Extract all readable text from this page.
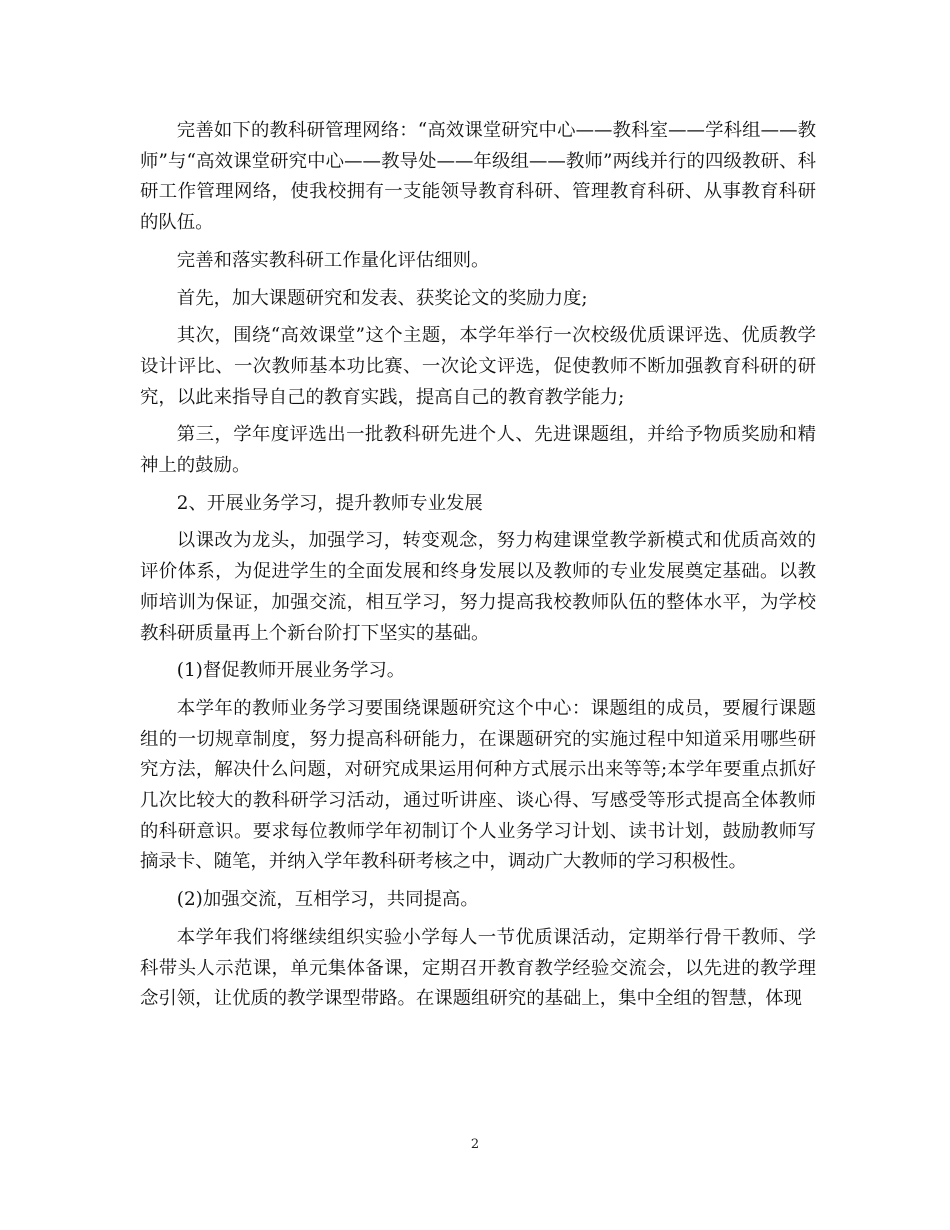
完善如下的教科研管理网络：“高效课堂研究中心——教科室——学科组——教师”与“高效课堂研究中心——教导处——年级组——教师”两线并行的四级教研、科研工作管理网络，使我校拥有一支能领导教育科研、管理教育科研、从事教育科研的队伍。

完善和落实教科研工作量化评估细则。

首先，加大课题研究和发表、获奖论文的奖励力度;

其次，围绕“高效课堂”这个主题，本学年举行一次校级优质课评选、优质教学设计评比、一次教师基本功比赛、一次论文评选，促使教师不断加强教育科研的研究，以此来指导自己的教育实践，提高自己的教育教学能力;

第三，学年度评选出一批教科研先进个人、先进课题组，并给予物质奖励和精神上的鼓励。

2、开展业务学习，提升教师专业发展

以课改为龙头，加强学习，转变观念，努力构建课堂教学新模式和优质高效的评价体系，为促进学生的全面发展和终身发展以及教师的专业发展奠定基础。以教师培训为保证，加强交流，相互学习，努力提高我校教师队伍的整体水平，为学校教科研质量再上个新台阶打下坚实的基础。

(1)督促教师开展业务学习。

本学年的教师业务学习要围绕课题研究这个中心：课题组的成员，要履行课题组的一切规章制度，努力提高科研能力，在课题研究的实施过程中知道采用哪些研究方法，解决什么问题，对研究成果运用何种方式展示出来等等;本学年要重点抓好几次比较大的教科研学习活动，通过听讲座、谈心得、写感受等形式提高全体教师的科研意识。要求每位教师学年初制订个人业务学习计划、读书计划，鼓励教师写摘录卡、随笔，并纳入学年教科研考核之中，调动广大教师的学习积极性。

(2)加强交流，互相学习，共同提高。

本学年我们将继续组织实验小学每人一节优质课活动，定期举行骨干教师、学科带头人示范课，单元集体备课，定期召开教育教学经验交流会，以先进的教学理念引领，让优质的教学课型带路。在课题组研究的基础上，集中全组的智慧，体现

2
